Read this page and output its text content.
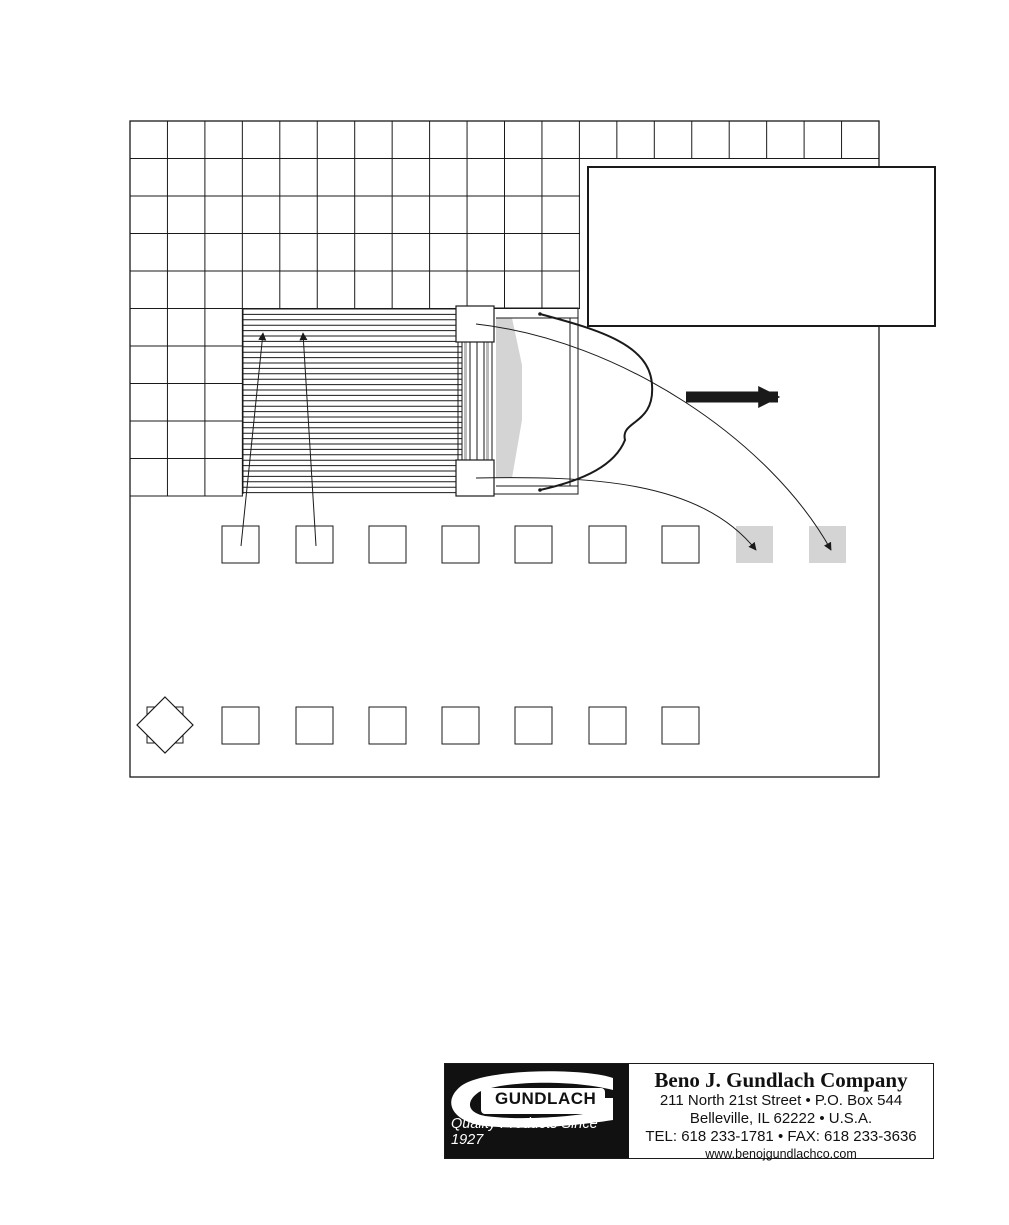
GUNDLACH
Quality Products Since 1927
Beno J. Gundlach Company
211 North 21st Street • P.O. Box 544
Belleville, IL 62222 • U.S.A.
TEL: 618 233-1781 • FAX: 618 233-3636
www.benojgundlachco.com
